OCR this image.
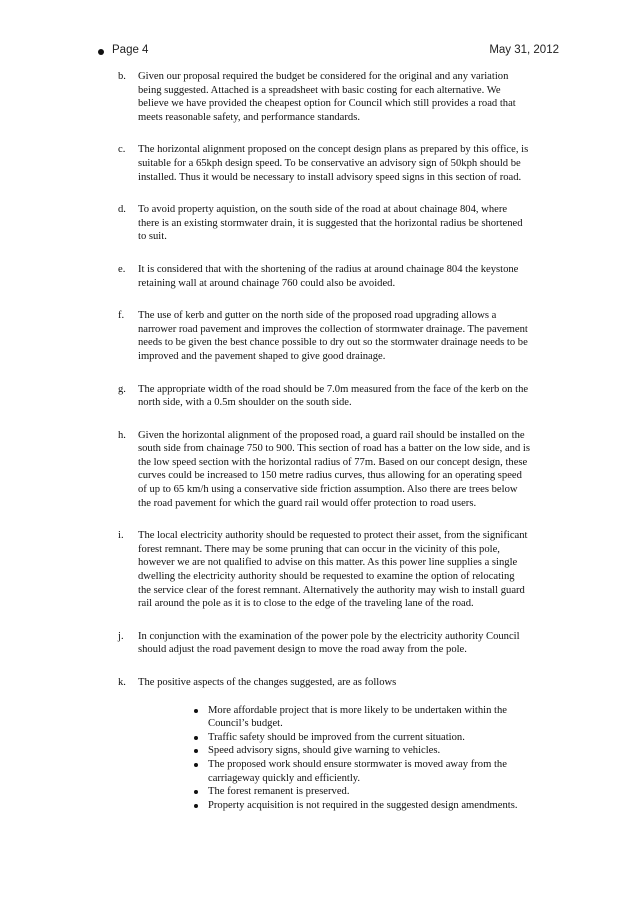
Page 4	May 31, 2012
b. Given our proposal required the budget be considered for the original and any variation being suggested. Attached is a spreadsheet with basic costing for each alternative. We believe we have provided the cheapest option for Council which still provides a road that meets reasonable safety, and performance standards.
c. The horizontal alignment proposed on the concept design plans as prepared by this office, is suitable for a 65kph design speed. To be conservative an advisory sign of 50kph should be installed. Thus it would be necessary to install advisory speed signs in this section of road.
d. To avoid property aquistion, on the south side of the road at about chainage 804, where there is an existing stormwater drain, it is suggested that the horizontal radius be shortened to suit.
e. It is considered that with the shortening of the radius at around chainage 804 the keystone retaining wall at around chainage 760 could also be avoided.
f. The use of kerb and gutter on the north side of the proposed road upgrading allows a narrower road pavement and improves the collection of stormwater drainage. The pavement needs to be given the best chance possible to dry out so the stormwater drainage needs to be improved and the pavement shaped to give good drainage.
g. The appropriate width of the road should be 7.0m measured from the face of the kerb on the north side, with a 0.5m shoulder on the south side.
h. Given the horizontal alignment of the proposed road, a guard rail should be installed on the south side from chainage 750 to 900. This section of road has a batter on the low side, and is the low speed section with the horizontal radius of 77m. Based on our concept design, these curves could be increased to 150 metre radius curves, thus allowing for an operating speed of up to 65 km/h using a conservative side friction assumption. Also there are trees below the road pavement for which the guard rail would offer protection to road users.
i. The local electricity authority should be requested to protect their asset, from the significant forest remnant. There may be some pruning that can occur in the vicinity of this pole, however we are not qualified to advise on this matter. As this power line supplies a single dwelling the electricity authority should be requested to examine the option of relocating the service clear of the forest remnant. Alternatively the authority may wish to install guard rail around the pole as it is to close to the edge of the traveling lane of the road.
j. In conjunction with the examination of the power pole by the electricity authority Council should adjust the road pavement design to move the road away from the pole.
k. The positive aspects of the changes suggested, are as follows
More affordable project that is more likely to be undertaken within the Council’s budget.
Traffic safety should be improved from the current situation.
Speed advisory signs, should give warning to vehicles.
The proposed work should ensure stormwater is moved away from the carriageway quickly and efficiently.
The forest remanent is preserved.
Property acquisition is not required in the suggested design amendments.
